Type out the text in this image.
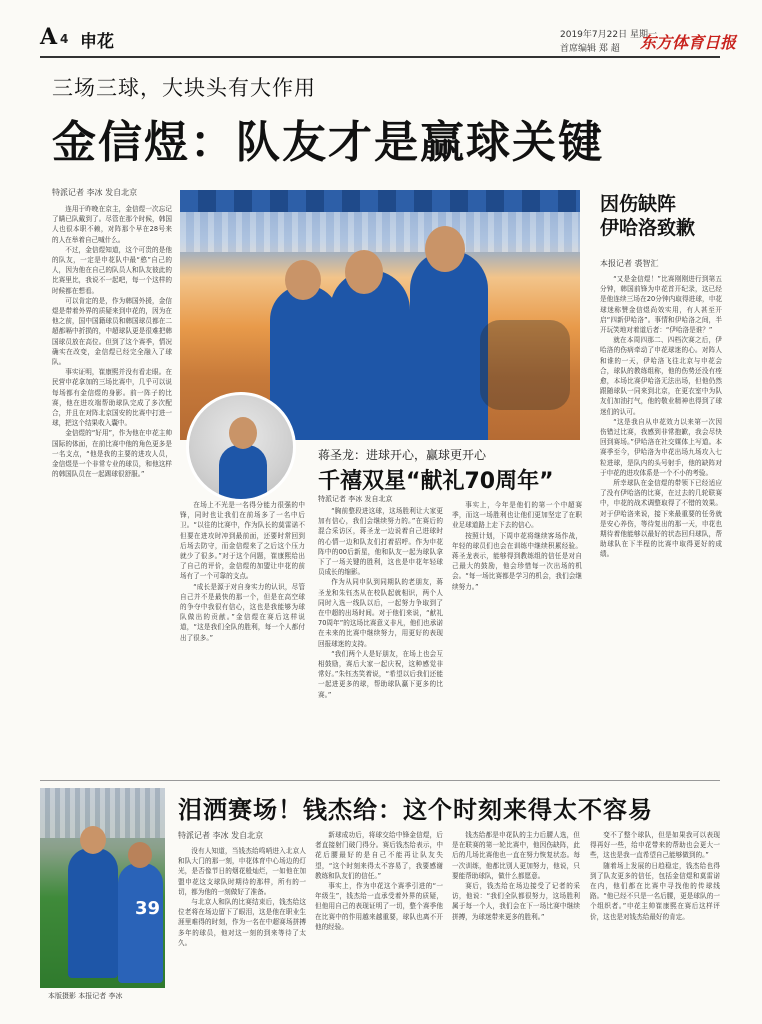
A 4 申花	2019年7月22日 星期一
首席编辑 郑 超 东方体育日报
三场三球，大块头有大作用
金信煜：队友才是赢球关键
特派记者 李冰 发自北京

连用于昨晚在京主，金信煜一次忘记了瞒已队戴到了。尽管在那个时候，韩国人也很本职不赖，对阵那个早在28号来的人在举着自己喊什么。

不过，金信煜知道，这个可贵的是他的队友，一定是申花队中最“憨”自己的人，因为他在自己的队员人和队友彼此的比赛里比，我说不一起吧，每一个这样的时候都在想看。

可以肯定的是，作为韩国外援，金信煜是带着外界的质疑来到申花的，因为在他之前，国中国籍球员和韩国球员都在二超都嗝中折损的，中超球队更是很难把韩国球员放在高位。但到了这个赛季，情况确实在改变，金信煜已经完全融入了球队。

事实证明，崔康熙并没有看走眼。在民营申花拿加的三场比赛中，几乎可以说每场都有金信煜的身影。前一阵子的比赛，他在进攻端帮助球队完成了多次配合，并且在对阵北京国安的比赛中打进一球，把这个结果收入囊中。

金信煜的“好用”，作为他在申花主帅国际的体面，在前比赛中他的角色更多是一名支点，“他是我的主要的进攻人员，金信煜是一个非常专业的球员，和他这样的韩国队员在一起踢球很舒服。”

蒋圣龙：进球开心，赢球更开心
千禧双星“献礼70周年”

在场上不光是一名得分能力很强的中锋，同时也让我们在前场多了一名中后卫。“以往的比赛中，作为队长的莫雷诺不但要在进攻时冲到最前面，还要时常回到后场去防守，而金信煜来了之后这个压力就少了很多。”对于这个问题，崔康熙给出了自己的评价，金信煜的加盟让申花的前场有了一个可靠的支点。

“成长是源于对自身实力的认识，尽管自己并不是最快的那一个，但是在高空球的争夺中我很有信心，这也是我能够为球队做出的贡献。”金信煜在赛后这样说道，“这是我们全队的胜利，每一个人都付出了很多。”

特派记者 李冰 发自北京

“胸前整段进这球，这场胜利让大家更加有信心，我们会继续努力的。”在赛后的混合采访区，蒋圣龙一边说着自己进球时的心情一边和队友们打着招呼。作为申花阵中的00后新星，他和队友一起为球队拿下了一场关键的胜利，这也是申花年轻球员成长的缩影。

作为从同申队到同期队的老朋友，蒋圣龙和朱钰杰从在校队起就相识，两个人同时入选一线队以后，一起努力争取到了在中超的出场时间。对于他们来说，“献礼70周年”的这场比赛意义非凡，他们也承诺在未来的比赛中继续努力，用更好的表现回报球迷的支持。

“我们两个人是好朋友，在场上也会互相鼓励，赛后大家一起庆祝，这种感觉非常好。”朱钰杰笑着说，“希望以后我们还能一起进更多的球，帮助球队赢下更多的比赛。”

事实上，今年是他们的第一个中超赛季，而这一场胜利也让他们更加坚定了在职业足球道路上走下去的信心。

按照计划，下周申花将继续客场作战，年轻的球员们也会在训练中继续积累经验。蒋圣龙表示，能够得到教练组的信任是对自己最大的鼓励，他会珍惜每一次出场的机会。“每一场比赛都是学习的机会，我们会继续努力。”

因伤缺阵
伊哈洛致歉
本报记者 裘智汇

“又是金信煜！”比赛刚刚进行到第五分钟，韩国前锋为申花首开纪录，这已经是他连续三场在20分钟内取得进球，申花球迷称赞金信煜尚效实用，有人甚至开启“四新伊哈洛”。事情和伊哈洛之间，半开玩笑地对着道后者：“伊哈洛是谁？”

就在本周四那二、四档次赛之后，伊哈洛的伤病牵动了申花球迷的心。对阵人和谁的一天，伊哈洛飞往北京与申花会合，球队的教练组称，他的伤势还没有痊愈，本场比赛伊哈洛无法出场，但他仍然跟随球队一同来到北京，在更衣室中为队友们加油打气，他的敬业精神也得到了球迷们的认可。

“这是我自从申花效力以来第一次因伤错过比赛，我感到非常抱歉，我会尽快回到赛场。”伊哈洛在社交媒体上写道。本赛季至今，伊哈洛为申花出场九场攻入七粒进球，是队内的头号射手，他的缺阵对于申花的进攻体系是一个不小的考验。

所幸球队在金信煜的带领下已经适应了没有伊哈洛的比赛，在过去的几轮联赛中，申花的战术调整取得了不错的效果。对于伊哈洛来说，接下来最重要的任务就是安心养伤，等待复出的那一天，申花也期待着他能够以最好的状态回归球队，帮助球队在下半程的比赛中取得更好的成绩。

39
本版摄影 本报记者 李冰
泪洒赛场！钱杰给：这个时刻来得太不容易
特派记者 李冰 发自北京

没有人知道，当钱杰给鸣哨进入北京人和队大门的那一刻，申花体育中心场边的灯光，是否像节日的烟花般灿烂，一如他在加盟申花这支球队时期待的那样，所有的一切，都为他的一刻做好了准备。

与北京人和队的比赛结束后，钱杰给这位老将在场边留下了眼泪，这是他在职业生涯里难得的时刻，作为一名在中超赛场拼搏多年的球员，他对这一刻的到来等待了太久。

新球成功后，将球交给中锋金信煜，后者直接射门破门得分。赛后钱杰给表示，中花后腰最好的是自己不能再让队友失望，“这个时刻来得太不容易了，我要感谢教练和队友们的信任。”

事实上，作为申花这个赛季引进的“一年级生”，钱杰给一直承受着外界的质疑，但他用自己的表现证明了一切，整个赛季他在比赛中的作用越来越重要，球队也离不开他的经验。

钱杰给都是申花队的主力后腰人选，但是在联赛的第一轮比赛中，他因伤缺阵，此后的几场比赛他也一直在努力恢复状态。每一次训练，他都比别人更加努力，他说，只要能帮助球队，做什么都愿意。

赛后，钱杰给在场边接受了记者的采访，他说：“我们全队都很努力，这场胜利属于每一个人，我们会在下一场比赛中继续拼搏，为球迷带来更多的胜利。”

变不了整个球队，但是如果我可以表现得再好一些，给申花带来的帮助也会更大一些，这也是我一直希望自己能够做到的。”

随着场上发展的日趋稳定，钱杰给也得到了队友更多的信任，包括金信煜和莫雷诺在内，他们都在比赛中寻找他的传球线路。“他已经不只是一名后腰，更是球队的一个组织者。”申花主帅崔康熙在赛后这样评价，这也是对钱杰给最好的肯定。
